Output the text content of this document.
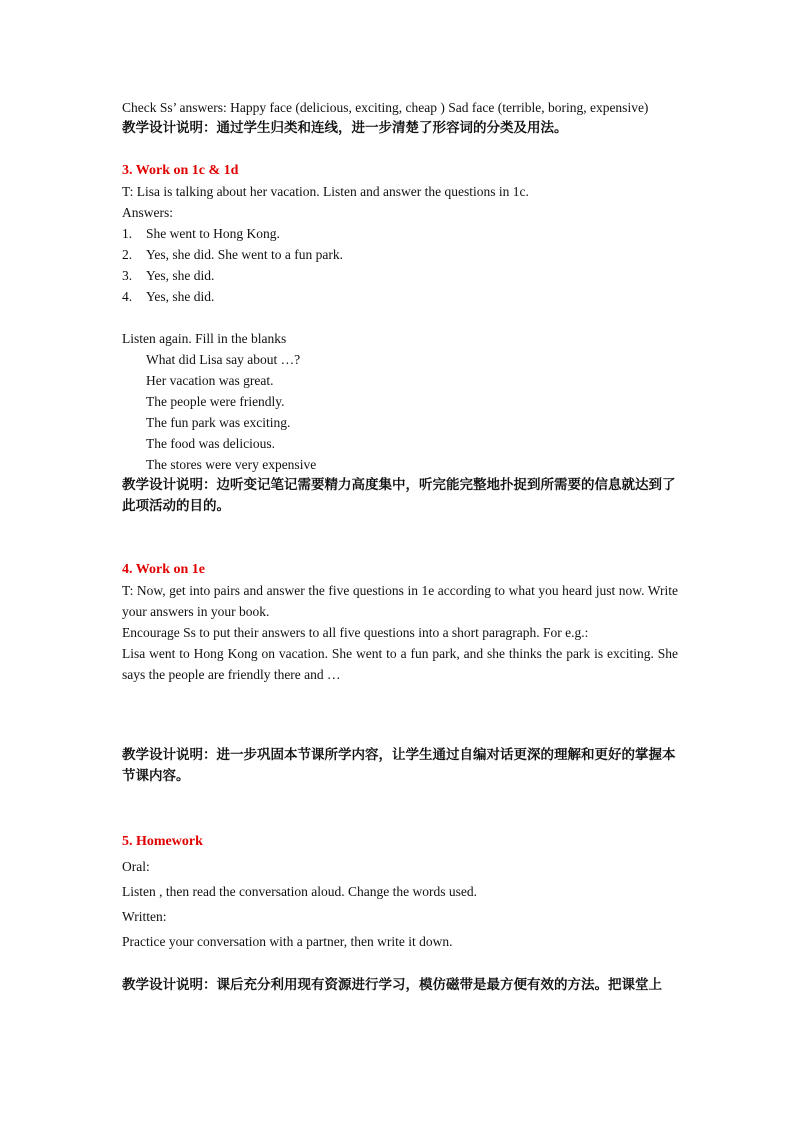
Check Ss’ answers: Happy face (delicious, exciting, cheap ) Sad face (terrible, boring, expensive)

教学设计说明：通过学生归类和连线，进一步清楚了形容词的分类及用法。

3. Work on 1c & 1d

T: Lisa is talking about her vacation. Listen and answer the questions in 1c.

Answers:

1. She went to Hong Kong.

2. Yes, she did. She went to a fun park.

3. Yes, she did.

4. Yes, she did.

Listen again. Fill in the blanks

What did Lisa say about …?

Her vacation was great.

The people were friendly.

The fun park was exciting.

The food was delicious.

The stores were very expensive

教学设计说明：边听变记笔记需要精力高度集中，听完能完整地扑捉到所需要的信息就达到了此项活动的目的。

4. Work on 1e

T: Now, get into pairs and answer the five questions in 1e according to what you heard just now. Write your answers in your book.

Encourage Ss to put their answers to all five questions into a short paragraph. For e.g.:

Lisa went to Hong Kong on vacation. She went to a fun park, and she thinks the park is exciting. She says the people are friendly there and …

教学设计说明：进一步巩固本节课所学内容，让学生通过自编对话更深的理解和更好的掌握本节课内容。

5. Homework

Oral:

Listen , then read the conversation aloud. Change the words used.

Written:

Practice your conversation with a partner, then write it down.

教学设计说明：课后充分利用现有资源进行学习，模仿磁带是最方便有效的方法。把课堂上
